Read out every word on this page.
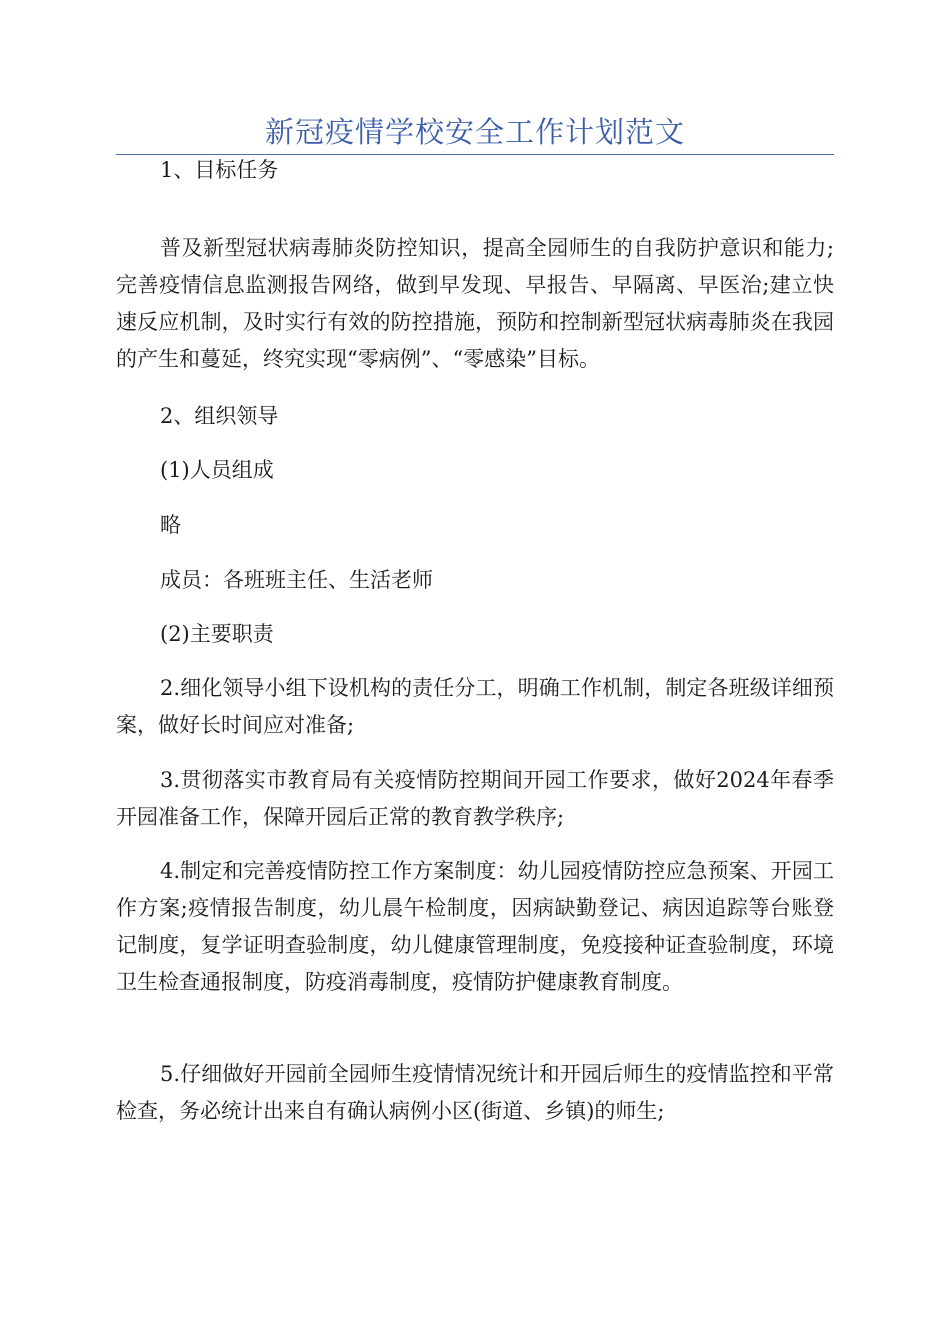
新冠疫情学校安全工作计划范文

1、目标任务

普及新型冠状病毒肺炎防控知识，提高全园师生的自我防护意识和能力;完善疫情信息监测报告网络，做到早发现、早报告、早隔离、早医治;建立快速反应机制，及时实行有效的防控措施，预防和控制新型冠状病毒肺炎在我园的产生和蔓延，终究实现“零病例”、“零感染”目标。

2、组织领导

(1)人员组成

略

成员：各班班主任、生活老师

(2)主要职责

2.细化领导小组下设机构的责任分工，明确工作机制，制定各班级详细预案，做好长时间应对准备;

3.贯彻落实市教育局有关疫情防控期间开园工作要求，做好2024年春季开园准备工作，保障开园后正常的教育教学秩序;

4.制定和完善疫情防控工作方案制度：幼儿园疫情防控应急预案、开园工作方案;疫情报告制度，幼儿晨午检制度，因病缺勤登记、病因追踪等台账登记制度，复学证明查验制度，幼儿健康管理制度，免疫接种证查验制度，环境卫生检查通报制度，防疫消毒制度，疫情防护健康教育制度。

5.仔细做好开园前全园师生疫情情况统计和开园后师生的疫情监控和平常检查，务必统计出来自有确认病例小区(街道、乡镇)的师生;
